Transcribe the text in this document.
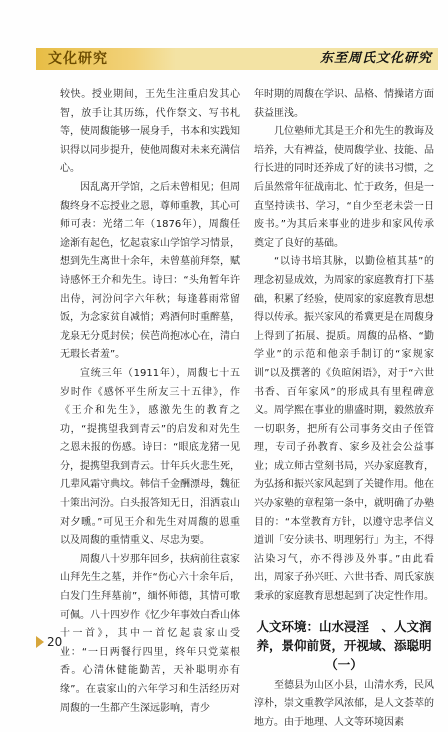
文化研究	东至周氏文化研究

较快。授业期间，王先生注重启发其心智，放手让其历练，代作祭文、写书札等，使周馥能够一展身手，书本和实践知识得以同步提升，使他周馥对未来充满信心。

因乱离开学馆，之后未曾相见；但周馥终身不忘授业之恩，尊师重教，其心可师可表：光绪二年（1876年），周馥任途渐有起色，忆起袁家山学馆学习情景，想到先生离世十余年，未曾墓前拜祭，赋诗感怀王介和先生。诗曰：“头角暂年许出侍，河汾问字六年秋；每逢暮雨常留饭，为念家贫自减悄；鸡酒何时重醉墓，龙泉无分觅封侯；侯芭尚抱冰心在，清白无瑕长者羞”。

宣统三年（1911年），周馥七十五岁时作《感怀平生所友三十五律》，作《王介和先生》，感激先生的教育之功，“提携望我到青云”的启发和对先生之恩未报的伤感。诗曰：“眼底龙猪一见分，提携望我到青云。廿年兵火悲生死，几辈风霜守典坟。韩信千金酬漂母，魏征十策出河汾。白头报答知无日，泪洒袁山对夕曛。”可见王介和先生对周馥的恩重以及周馥的重情重义、尽忠为要。

周馥八十岁那年回乡，扶病前往袁家山拜先生之墓，并作“伤心六十余年后，白发门生拜墓前”，缅怀师德，其情可歌可佩。八十四岁作《忆少年事效白香山体十一首》，其中一首忆起袁家山受业：“一日两餐行四里，终年只党菜根香。心清休健能勤苦，天补聪明亦有缘”。在袁家山的六年学习和生活经历对周馥的一生都产生深远影响，青少

年时期的周馥在学识、品格、情操诸方面获益匪浅。

几位塾师尤其是王介和先生的教诲及培养，大有裨益，使周馥学业、技能、品行长进的同时还养成了好的读书习惯，之后虽然常年征战南北、忙于政务，但是一直坚持读书、学习，“自少至老未尝一日废书。”为其后来事业的进步和家风传承奠定了良好的基础。

“以诗书培其脉，以勤俭植其基”的理念初显成效，为周家的家庭教育打下基础，积累了经验，使周家的家庭教育思想得以传承。振兴家风的希冀更是在周馥身上得到了拓展、提质。周馥的品格、“勤学业”的示范和他亲手制订的“家规家训”以及撰著的《负暄闲语》，对于“六世书香、百年家风”的形成具有里程碑意义。周学熙在事业的鼎盛时期，毅然放弃一切职务，把所有公司事务交由子侄管理，专司子孙教育、家乡及社会公益事业；成立师古堂刻书局，兴办家庭教育，为弘扬和振兴家风起到了关键作用。他在兴办家塾的章程第一条中，就明确了办塾目的：“本堂教育方针，以遵守忠孝信义道训「安分读书、明理躬行」为主，不得沾染习气，亦不得涉及外事。”由此看出，周家子孙兴旺、六世书香、周氏家族秉承的家庭教育思想起到了决定性作用。

人文环境：山水浸淫　、人文润养，景仰前贤，开视域、添聪明
（一）

至德县为山区小县，山清水秀，民风淳朴，崇文重教学风浓郁，是人文荟萃的地方。由于地理、人文等环境因素

20
